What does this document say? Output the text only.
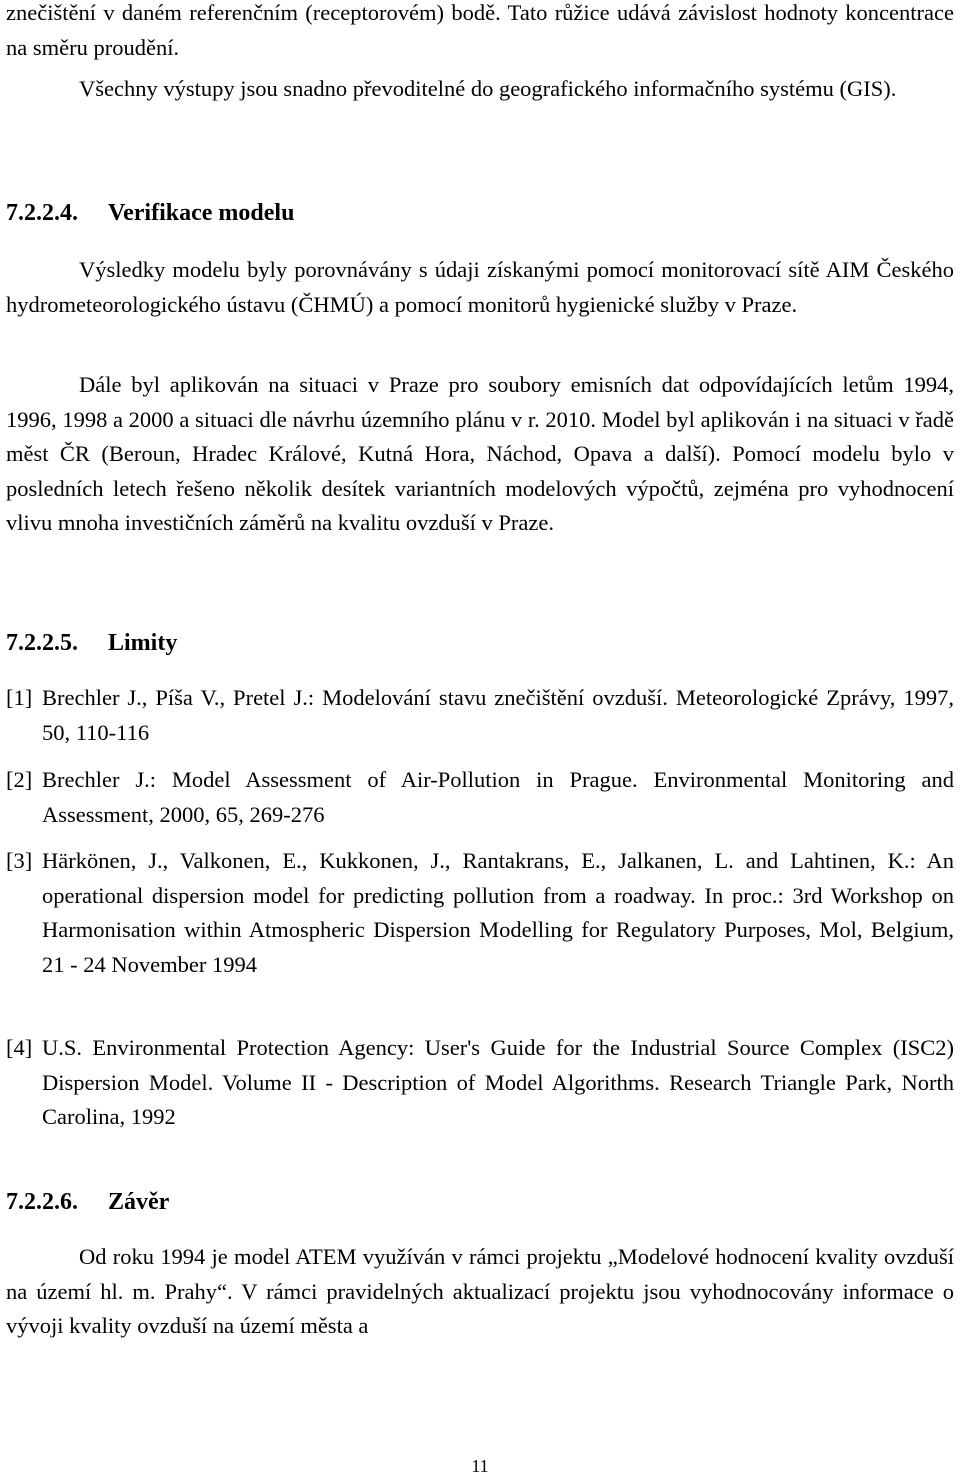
znečištění v daném referenčním (receptorovém) bodě. Tato růžice udává závislost hodnoty koncentrace na směru proudění.

Všechny výstupy jsou snadno převoditelné do geografického informačního systému (GIS).

7.2.2.4. Verifikace modelu

Výsledky modelu byly porovnávány s údaji získanými pomocí monitorovací sítě AIM Českého hydrometeorologického ústavu (ČHMÚ) a pomocí monitorů hygienické služby v Praze.

Dále byl aplikován na situaci v Praze pro soubory emisních dat odpovídajících letům 1994, 1996, 1998 a 2000 a situaci dle návrhu územního plánu v r. 2010. Model byl aplikován i na situaci v řadě měst ČR (Beroun, Hradec Králové, Kutná Hora, Náchod, Opava a další). Pomocí modelu bylo v posledních letech řešeno několik desítek variantních modelových výpočtů, zejména pro vyhodnocení vlivu mnoha investičních záměrů na kvalitu ovzduší v Praze.

7.2.2.5. Limity
[1] Brechler J., Píša V., Pretel J.: Modelování stavu znečištění ovzduší. Meteorologické Zprávy, 1997, 50, 110-116
[2] Brechler J.: Model Assessment of Air-Pollution in Prague. Environmental Monitoring and Assessment, 2000, 65, 269-276
[3] Härkönen, J., Valkonen, E., Kukkonen, J., Rantakrans, E., Jalkanen, L. and Lahtinen, K.: An operational dispersion model for predicting pollution from a roadway. In proc.: 3rd Workshop on Harmonisation within Atmospheric Dispersion Modelling for Regulatory Purposes, Mol, Belgium, 21 - 24 November 1994
[4] U.S. Environmental Protection Agency: User's Guide for the Industrial Source Complex (ISC2) Dispersion Model. Volume II - Description of Model Algorithms. Research Triangle Park, North Carolina, 1992
7.2.2.6. Závěr

Od roku 1994 je model ATEM využíván v rámci projektu „Modelové hodnocení kvality ovzduší na území hl. m. Prahy“. V rámci pravidelných aktualizací projektu jsou vyhodnocovány informace o vývoji kvality ovzduší na území města a

11
